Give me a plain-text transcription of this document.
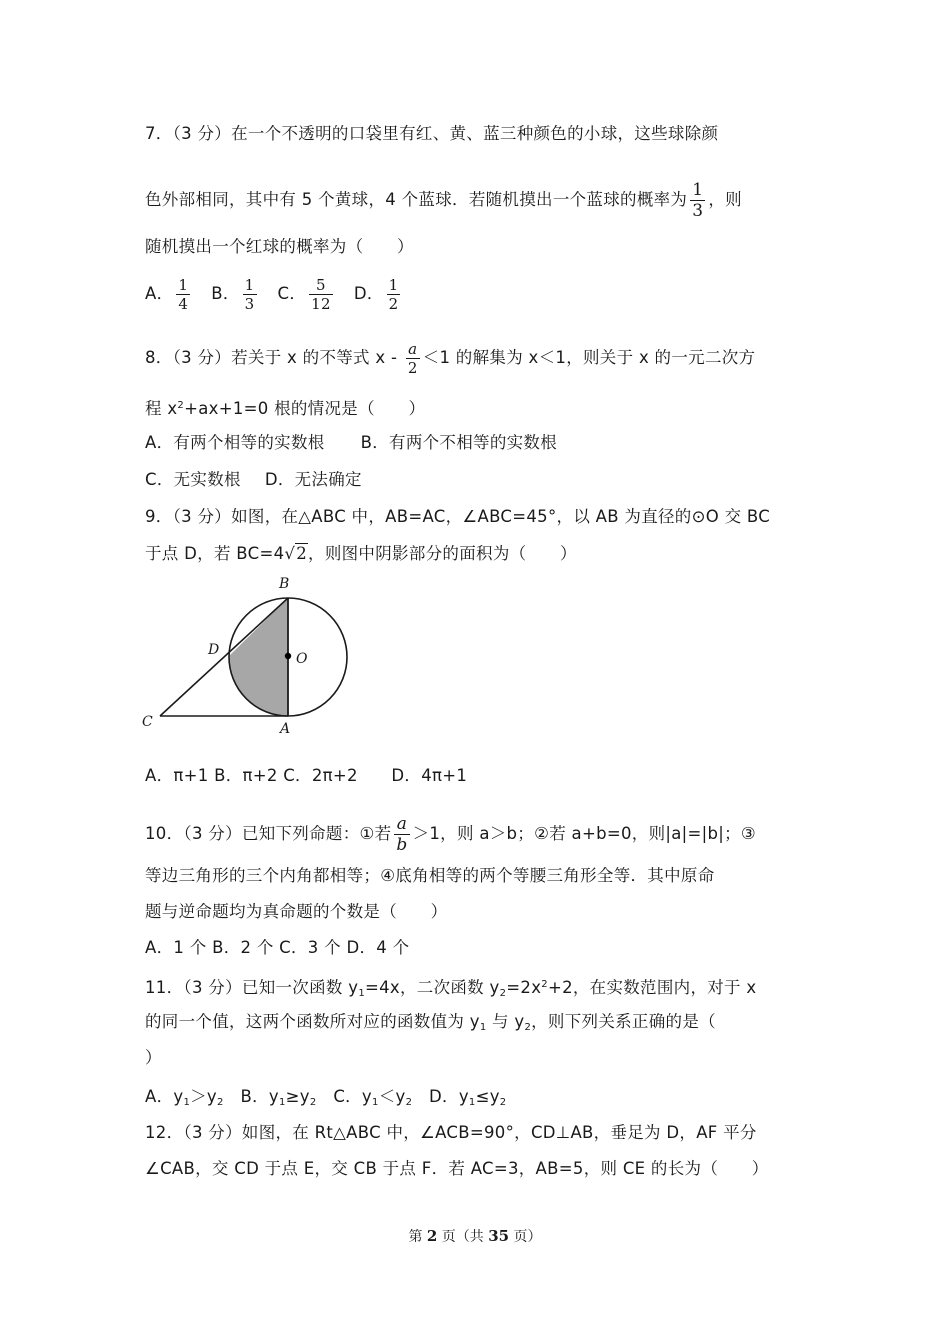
7．（3 分）在一个不透明的口袋里有红、黄、蓝三种颜色的小球，这些球除颜
色外部相同，其中有 5 个黄球，4 个蓝球．若随机摸出一个蓝球的概率为 $\frac{1}{3}$ ，则
随机摸出一个红球的概率为（　　）
A． $\frac{1}{4}$ B． $\frac{1}{3}$ C． $\frac{5}{12}$ D． $\frac{1}{2}$
8．（3 分）若关于 x 的不等式 $x - \frac{a}{2} <1$ 的解集为 x＜1，则关于 x 的一元二次方
程 $x^2+ax+1=0$ 根的情况是（　　）
A．有两个相等的实数根 B．有两个不相等的实数根
C．无实数根 D．无法确定
9．（3 分）如图，在△ABC 中，AB=AC，∠ABC=45°，以 AB 为直径的⊙O 交 BC
于点 D，若 BC=4√2，则图中阴影部分的面积为（　　）
B
D
O
C	A
A．π+1 B．π+2 C．2π+2　　D．4π+1
10．（3 分）已知下列命题：①若 $\frac{a}{b} >1$，则 a＞b；②若 a+b=0，则|a|=|b|；③
等边三角形的三个内角都相等；④底角相等的两个等腰三角形全等．其中原命
题与逆命题均为真命题的个数是（　　）
A．1 个 B．2 个 C．3 个 D．4 个
11．（3 分）已知一次函数 $y_1=4x$，二次函数 $y_2=2x^2+2$，在实数范围内，对于 x
的同一个值，这两个函数所对应的函数值为 $y_1$ 与 $y_2$，则下列关系正确的是（
）
A．$y_1>y_2$　B．$y_1\ge y_2$　C．$y_1<y_2$　D．$y_1\le y_2$
12．（3 分）如图，在 Rt△ABC 中，∠ACB=90°，CD⊥AB，垂足为 D，AF 平分
∠CAB，交 CD 于点 E，交 CB 于点 F．若 AC=3，AB=5，则 CE 的长为（　　）
第 2 页（共 35 页）
